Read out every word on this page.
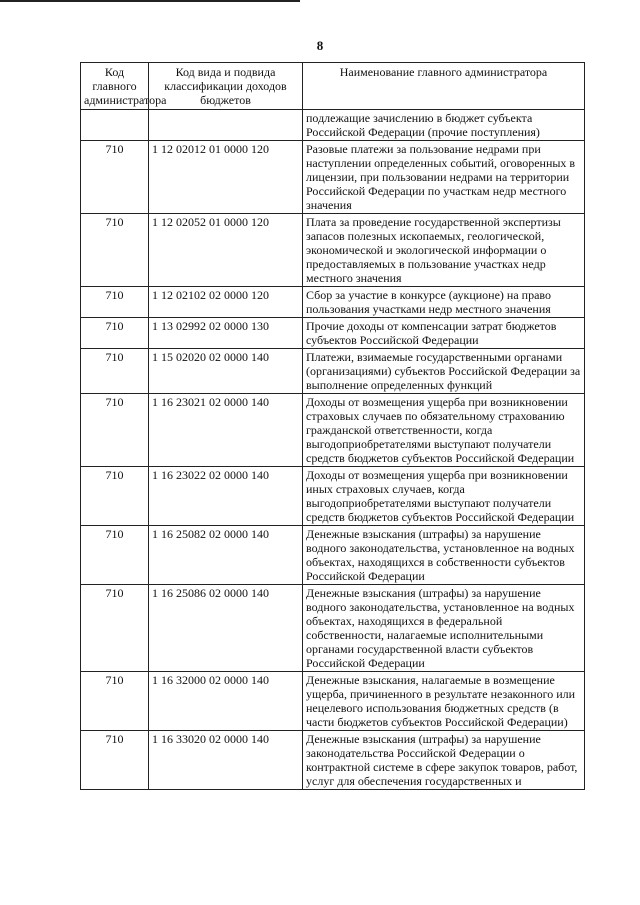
8
Код главного администратора	Код вида и подвида классификации доходов бюджетов	Наименование главного администратора
		подлежащие зачислению в бюджет субъекта Российской Федерации (прочие поступления)
710	1 12 02012 01 0000 120	Разовые платежи за пользование недрами при наступлении определенных событий, оговоренных в лицензии, при пользовании недрами на территории Российской Федерации по участкам недр местного значения
710	1 12 02052 01 0000 120	Плата за проведение государственной экспертизы запасов полезных ископаемых, геологической, экономической и экологической информации о предоставляемых в пользование участках недр местного значения
710	1 12 02102 02 0000 120	Сбор за участие в конкурсе (аукционе) на право пользования участками недр местного значения
710	1 13 02992 02 0000 130	Прочие доходы от компенсации затрат бюджетов субъектов Российской Федерации
710	1 15 02020 02 0000 140	Платежи, взимаемые государственными органами (организациями) субъектов Российской Федерации за выполнение определенных функций
710	1 16 23021 02 0000 140	Доходы от возмещения ущерба при возникновении страховых случаев по обязательному страхованию гражданской ответственности, когда выгодоприобретателями выступают получатели средств бюджетов субъектов Российской Федерации
710	1 16 23022 02 0000 140	Доходы от возмещения ущерба при возникновении иных страховых случаев, когда выгодоприобретателями выступают получатели средств бюджетов субъектов Российской Федерации
710	1 16 25082 02 0000 140	Денежные взыскания (штрафы) за нарушение водного законодательства, установленное на водных объектах, находящихся в собственности субъектов Российской Федерации
710	1 16 25086 02 0000 140	Денежные взыскания (штрафы) за нарушение водного законодательства, установленное на водных объектах, находящихся в федеральной собственности, налагаемые исполнительными органами государственной власти субъектов Российской Федерации
710	1 16 32000 02 0000 140	Денежные взыскания, налагаемые в возмещение ущерба, причиненного в результате незаконного или нецелевого использования бюджетных средств (в части бюджетов субъектов Российской Федерации)
710	1 16 33020 02 0000 140	Денежные взыскания (штрафы) за нарушение законодательства Российской Федерации о контрактной системе в сфере закупок товаров, работ, услуг для обеспечения государственных и
